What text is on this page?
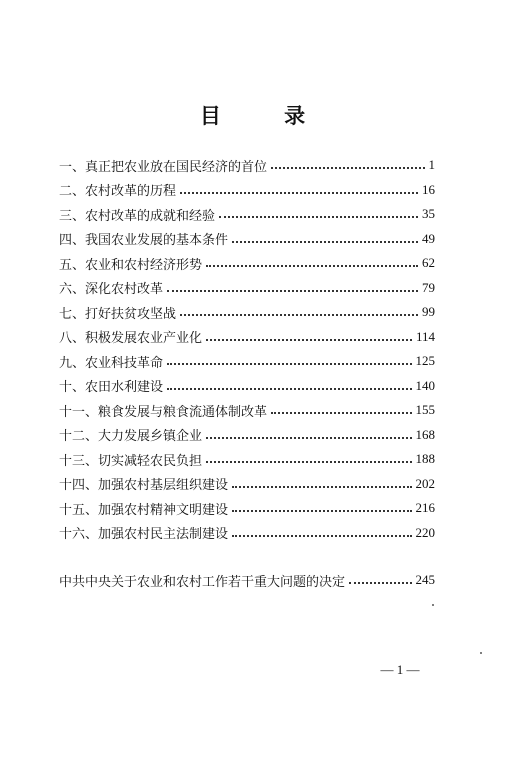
目 录
一、真正把农业放在国民经济的首位	1
二、农村改革的历程	16
三、农村改革的成就和经验	35
四、我国农业发展的基本条件	49
五、农业和农村经济形势	62
六、深化农村改革	79
七、打好扶贫攻坚战	99
八、积极发展农业产业化	114
九、农业科技革命	125
十、农田水利建设	140
十一、粮食发展与粮食流通体制改革	155
十二、大力发展乡镇企业	168
十三、切实减轻农民负担	188
十四、加强农村基层组织建设	202
十五、加强农村精神文明建设	216
十六、加强农村民主法制建设	220
中共中央关于农业和农村工作若干重大问题的决定	245
— 1 —
